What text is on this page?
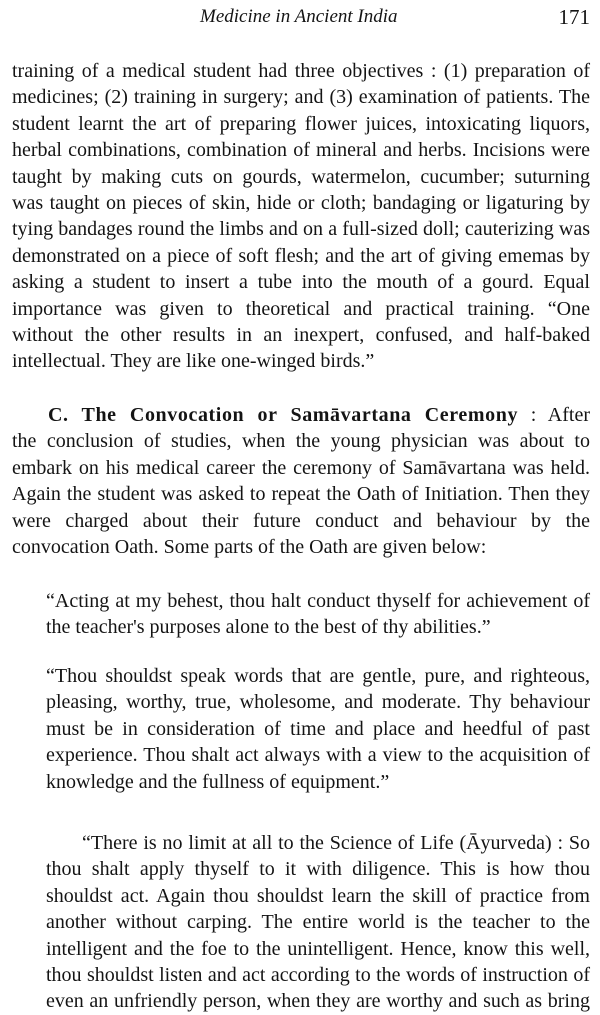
Medicine in Ancient India	171
training of a medical student had three objectives : (1) preparation of
medicines; (2) training in surgery; and (3) examination of patients. The
student learnt the art of preparing flower juices, intoxicating liquors,
herbal combinations, combination of mineral and herbs. Incisions were
taught by making cuts on gourds, watermelon, cucumber; suturning
was taught on pieces of skin, hide or cloth; bandaging or ligaturing by
tying bandages round the limbs and on a full-sized doll; cauterizing was
demonstrated on a piece of soft flesh; and the art of giving ememas by
asking a student to insert a tube into the mouth of a gourd. Equal
importance was given to theoretical and practical training. “One
without the other results in an inexpert, confused, and half-baked
intellectual. They are like one-winged birds.”
C. The Convocation or Samāvartana Ceremony : After
the conclusion of studies, when the young physician was about to
embark on his medical career the ceremony of Samāvartana was held.
Again the student was asked to repeat the Oath of Initiation. Then they
were charged about their future conduct and behaviour by the
convocation Oath. Some parts of the Oath are given below:
“Acting at my behest, thou halt conduct thyself for achievement of
the teacher's purposes alone to the best of thy abilities.”
“Thou shouldst speak words that are gentle, pure, and righteous,
pleasing, worthy, true, wholesome, and moderate. Thy behaviour
must be in consideration of time and place and heedful of past
experience. Thou shalt act always with a view to the acquisition of
knowledge and the fullness of equipment.”
“There is no limit at all to the Science of Life (Āyurveda) : So
thou shalt apply thyself to it with diligence. This is how thou
shouldst act. Again thou shouldst learn the skill of practice from
another without carping. The entire world is the teacher to the
intelligent and the foe to the unintelligent. Hence, know this well,
thou shouldst listen and act according to the words of instruction of
even an unfriendly person, when they are worthy and such as bring
